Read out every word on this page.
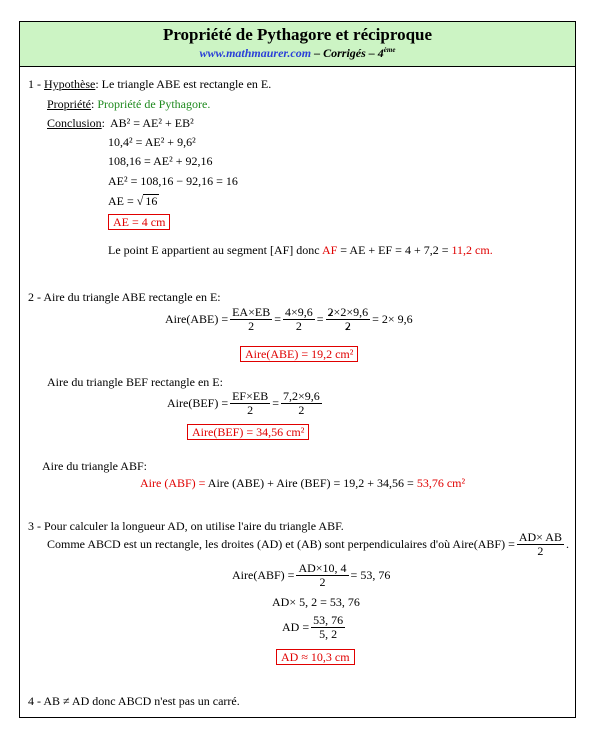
Propriété de Pythagore et réciproque
www.mathmaurer.com – Corrigés – 4ème
1 - Hypothèse: Le triangle ABE est rectangle en E.
Propriété: Propriété de Pythagore.
Conclusion: AB² = AE² + EB²
10,4² = AE² + 9,6²
108,16 = AE² + 92,16
AE² = 108,16 − 92,16 = 16
AE = √ 16
AE = 4 cm
Le point E appartient au segment [AF] donc AF = AE + EF = 4 + 7,2 = 11,2 cm.
2 - Aire du triangle ABE rectangle en E:
Aire(ABE) = $\frac{EA\times EB}{2} = \frac{4\times 9,6}{2} = \frac{2\times 2\times 9,6}{2} = 2\times 9,6$
Aire(ABE) = 19,2 cm²
Aire du triangle BEF rectangle en E:
Aire(BEF) = $\frac{EF\times EB}{2} = \frac{7,2\times 9,6}{2}$
Aire(BEF) = 34,56 cm²
Aire du triangle ABF:
Aire (ABF) = Aire (ABE) + Aire (BEF) = 19,2 + 34,56 = 53,76 cm²
3 - Pour calculer la longueur AD, on utilise l'aire du triangle ABF.
Comme ABCD est un rectangle, les droites (AD) et (AB) sont perpendiculaires d'où Aire(ABF) = $\frac{AD\times AB}{2}$ .
Aire(ABF) = $\frac{AD\times 10, 4}{2} = 53$, 76
AD× 5, 2 = 53, 76
AD = $\frac{53, 76}{5, 2}$
AD ≈ 10,3 cm
4 - AB ≠ AD donc ABCD n'est pas un carré.
